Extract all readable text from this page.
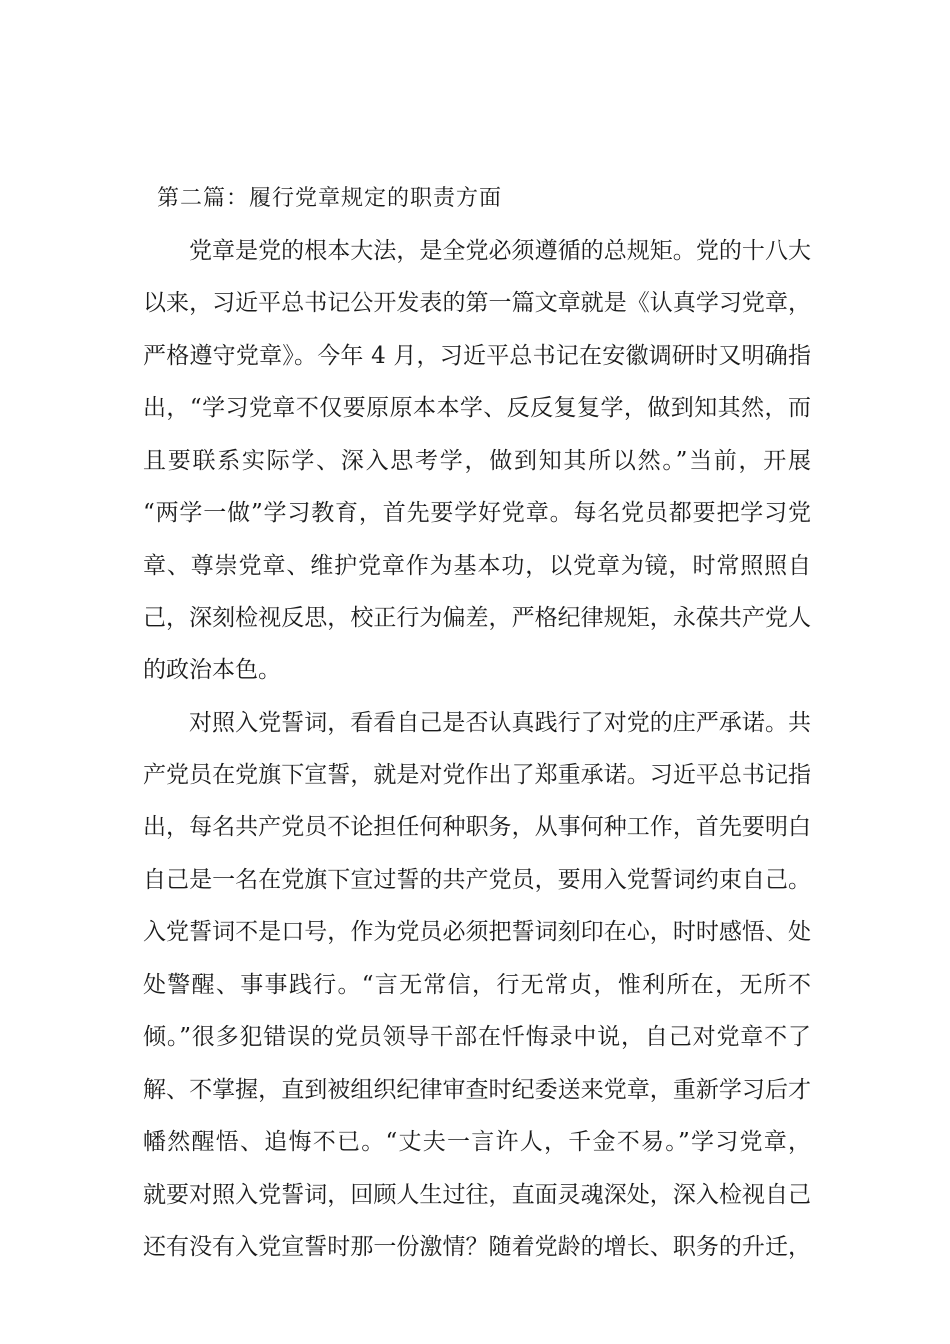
第二篇：履行党章规定的职责方面

党章是党的根本大法，是全党必须遵循的总规矩。党的十八大

以来，习近平总书记公开发表的第一篇文章就是《认真学习党章，

严格遵守党章》。今年 4 月，习近平总书记在安徽调研时又明确指

出，“学习党章不仅要原原本本学、反反复复学，做到知其然，而

且要联系实际学、深入思考学，做到知其所以然。”当前，开展

“两学一做”学习教育，首先要学好党章。每名党员都要把学习党

章、尊崇党章、维护党章作为基本功，以党章为镜，时常照照自

己，深刻检视反思，校正行为偏差，严格纪律规矩，永葆共产党人

的政治本色。

对照入党誓词，看看自己是否认真践行了对党的庄严承诺。共

产党员在党旗下宣誓，就是对党作出了郑重承诺。习近平总书记指

出，每名共产党员不论担任何种职务，从事何种工作，首先要明白

自己是一名在党旗下宣过誓的共产党员，要用入党誓词约束自己。

入党誓词不是口号，作为党员必须把誓词刻印在心，时时感悟、处

处警醒、事事践行。“言无常信，行无常贞，惟利所在，无所不

倾。”很多犯错误的党员领导干部在忏悔录中说，自己对党章不了

解、不掌握，直到被组织纪律审查时纪委送来党章，重新学习后才

幡然醒悟、追悔不已。“丈夫一言许人，千金不易。”学习党章，

就要对照入党誓词，回顾人生过往，直面灵魂深处，深入检视自己

还有没有入党宣誓时那一份激情？随着党龄的增长、职务的升迁，
